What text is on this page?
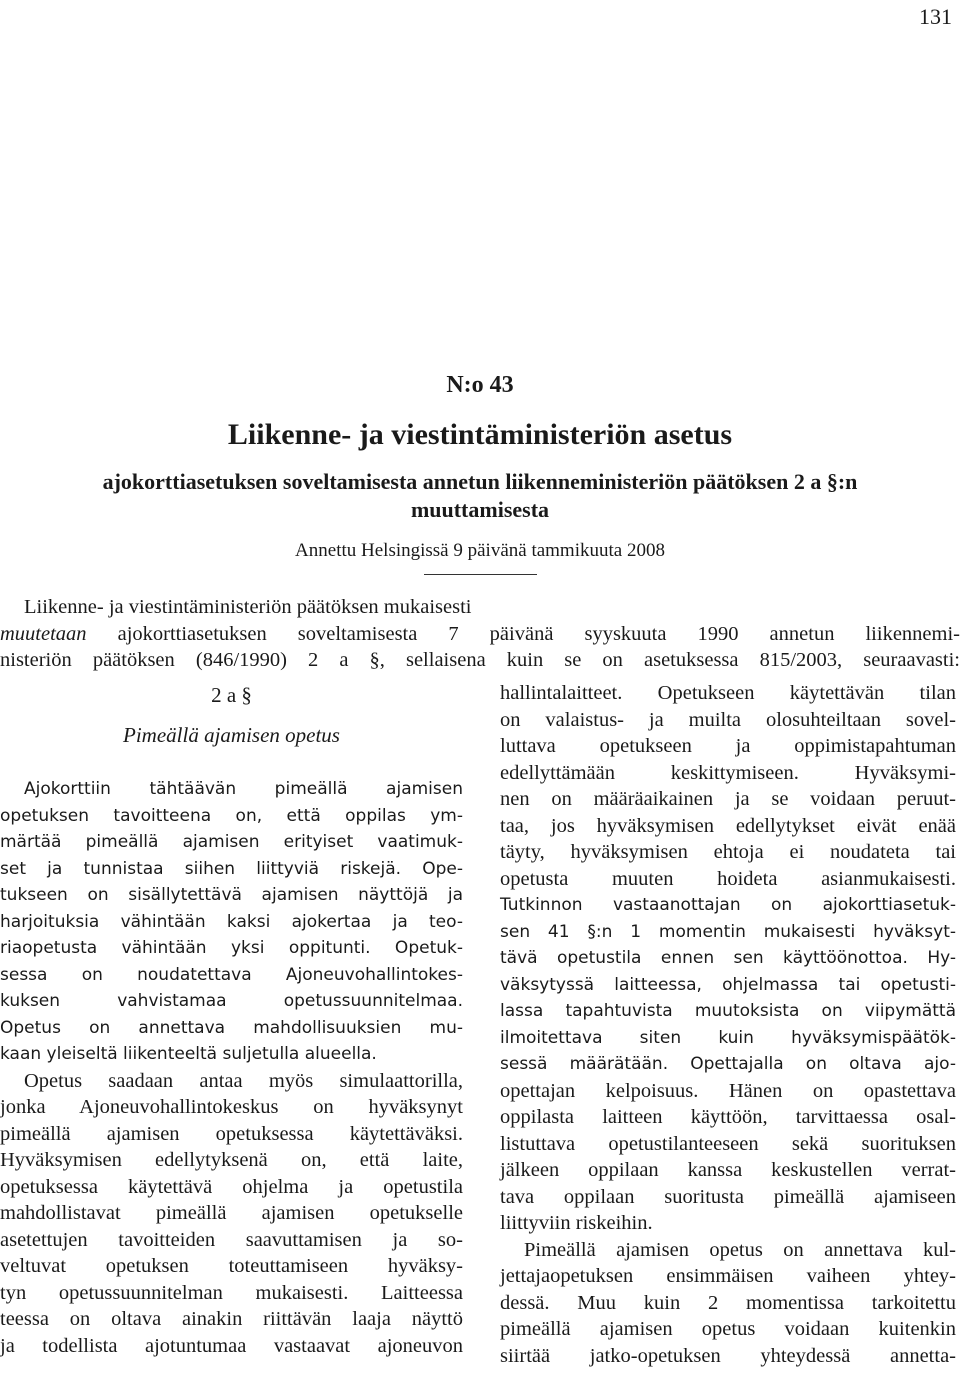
131
N:o 43
Liikenne- ja viestintäministeriön asetus
ajokorttiasetuksen soveltamisesta annetun liikenneministeriön päätöksen 2 a §:n
muuttamisesta
Annettu Helsingissä 9 päivänä tammikuuta 2008
Liikenne- ja viestintäministeriön päätöksen mukaisesti
muutetaan ajokorttiasetuksen soveltamisesta 7 päivänä syyskuuta 1990 annetun liikennemi-
nisteriön päätöksen (846/1990) 2 a §, sellaisena kuin se on asetuksessa 815/2003, seuraavasti:
2 a §
Pimeällä ajamisen opetus
Ajokorttiin tähtäävän pimeällä ajamisen
opetuksen tavoitteena on, että oppilas ym-
märtää pimeällä ajamisen erityiset vaatimuk-
set ja tunnistaa siihen liittyviä riskejä. Ope-
tukseen on sisällytettävä ajamisen näyttöjä ja
harjoituksia vähintään kaksi ajokertaa ja teo-
riaopetusta vähintään yksi oppitunti. Opetuk-
sessa on noudatettava Ajoneuvohallintokes-
kuksen vahvistamaa opetussuunnitelmaa.
Opetus on annettava mahdollisuuksien mu-
kaan yleiseltä liikenteeltä suljetulla alueella.
Opetus saadaan antaa myös simulaattorilla,
jonka Ajoneuvohallintokeskus on hyväksynyt
pimeällä ajamisen opetuksessa käytettäväksi.
Hyväksymisen edellytyksenä on, että laite,
opetuksessa käytettävä ohjelma ja opetustila
mahdollistavat pimeällä ajamisen opetukselle
asetettujen tavoitteiden saavuttamisen ja so-
veltuvat opetuksen toteuttamiseen hyväksy-
tyn opetussuunnitelman mukaisesti. Laitteessa
teessa on oltava ainakin riittävän laaja näyttö
ja todellista ajotuntumaa vastaavat ajoneuvon
hallintalaitteet. Opetukseen käytettävän tilan
on valaistus- ja muilta olosuhteiltaan sovel-
luttava opetukseen ja oppimistapahtuman
edellyttämään keskittymiseen. Hyväksymi-
nen on määräaikainen ja se voidaan peruut-
taa, jos hyväksymisen edellytykset eivät enää
täyty, hyväksymisen ehtoja ei noudateta tai
opetusta muuten hoideta asianmukaisesti.
Tutkinnon vastaanottajan on ajokorttiasetuk-
sen 41 §:n 1 momentin mukaisesti hyväksyt-
tävä opetustila ennen sen käyttöönottoa. Hy-
väksytyssä laitteessa, ohjelmassa tai opetusti-
lassa tapahtuvista muutoksista on viipymättä
ilmoitettava siten kuin hyväksymispäätök-
sessä määrätään. Opettajalla on oltava ajo-
opettajan kelpoisuus. Hänen on opastettava
oppilasta laitteen käyttöön, tarvittaessa osal-
listuttava opetustilanteeseen sekä suorituksen
jälkeen oppilaan kanssa keskustellen verrat-
tava oppilaan suoritusta pimeällä ajamiseen
liittyviin riskeihin.
Pimeällä ajamisen opetus on annettava kul-
jettajaopetuksen ensimmäisen vaiheen yhtey-
dessä. Muu kuin 2 momentissa tarkoitettu
pimeällä ajamisen opetus voidaan kuitenkin
siirtää jatko-opetuksen yhteydessä annetta-
